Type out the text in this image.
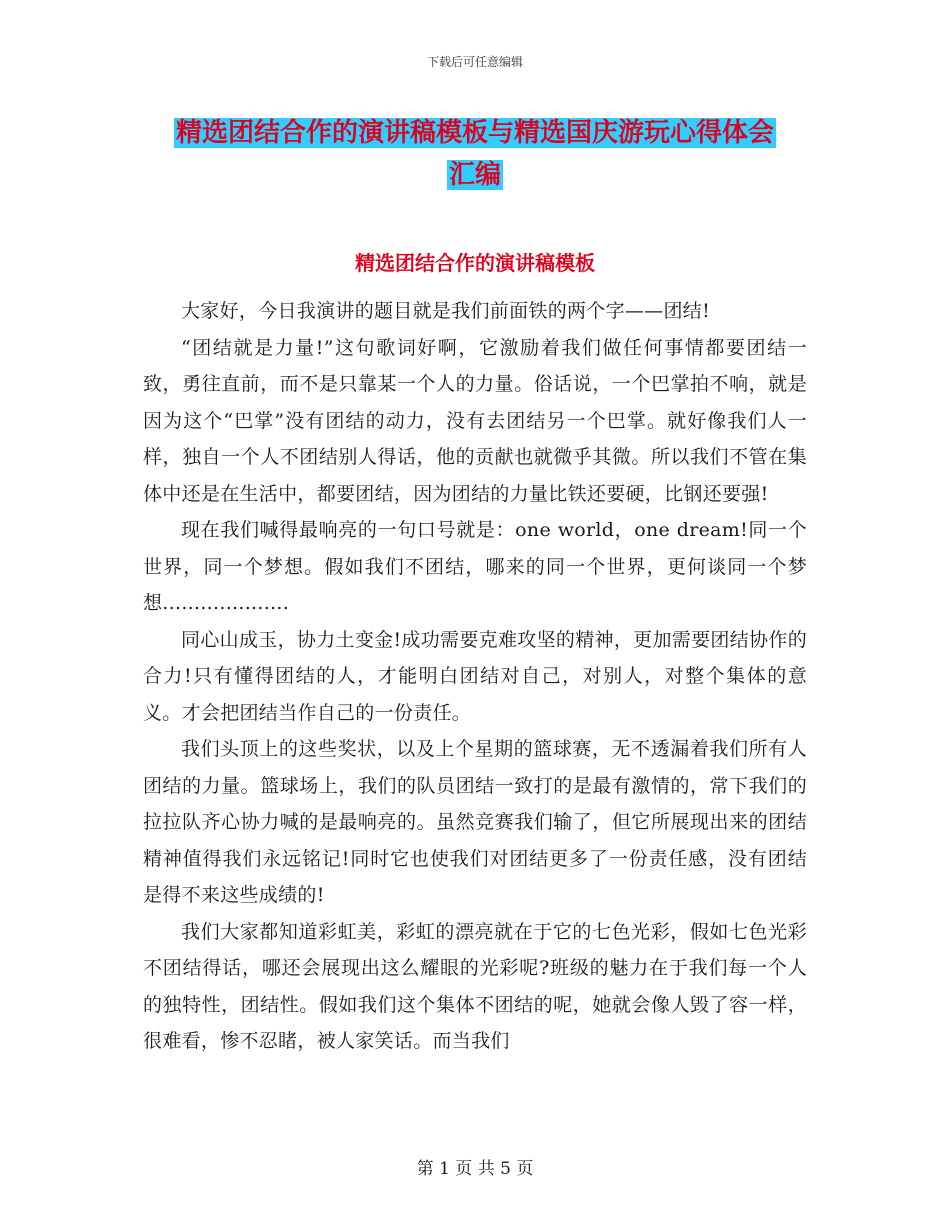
下载后可任意编辑
精选团结合作的演讲稿模板与精选国庆游玩心得体会
汇编
精选团结合作的演讲稿模板

大家好，今日我演讲的题目就是我们前面铁的两个字——团结!

“团结就是力量!”这句歌词好啊，它激励着我们做任何事情都要团结一致，勇往直前，而不是只靠某一个人的力量。俗话说，一个巴掌拍不响，就是因为这个“巴掌”没有团结的动力，没有去团结另一个巴掌。就好像我们人一样，独自一个人不团结别人得话，他的贡献也就微乎其微。所以我们不管在集体中还是在生活中，都要团结，因为团结的力量比铁还要硬，比钢还要强!

现在我们喊得最响亮的一句口号就是：one world，one dream!同一个世界，同一个梦想。假如我们不团结，哪来的同一个世界，更何谈同一个梦想....................

同心山成玉，协力土变金!成功需要克难攻坚的精神，更加需要团结协作的合力!只有懂得团结的人，才能明白团结对自己，对别人，对整个集体的意义。才会把团结当作自己的一份责任。

我们头顶上的这些奖状，以及上个星期的篮球赛，无不透漏着我们所有人团结的力量。篮球场上，我们的队员团结一致打的是最有激情的，常下我们的拉拉队齐心协力喊的是最响亮的。虽然竞赛我们输了，但它所展现出来的团结精神值得我们永远铭记!同时它也使我们对团结更多了一份责任感，没有团结是得不来这些成绩的!

我们大家都知道彩虹美，彩虹的漂亮就在于它的七色光彩，假如七色光彩不团结得话，哪还会展现出这么耀眼的光彩呢?班级的魅力在于我们每一个人的独特性，团结性。假如我们这个集体不团结的呢，她就会像人毁了容一样，很难看，惨不忍睹，被人家笑话。而当我们

第 1 页 共 5 页
